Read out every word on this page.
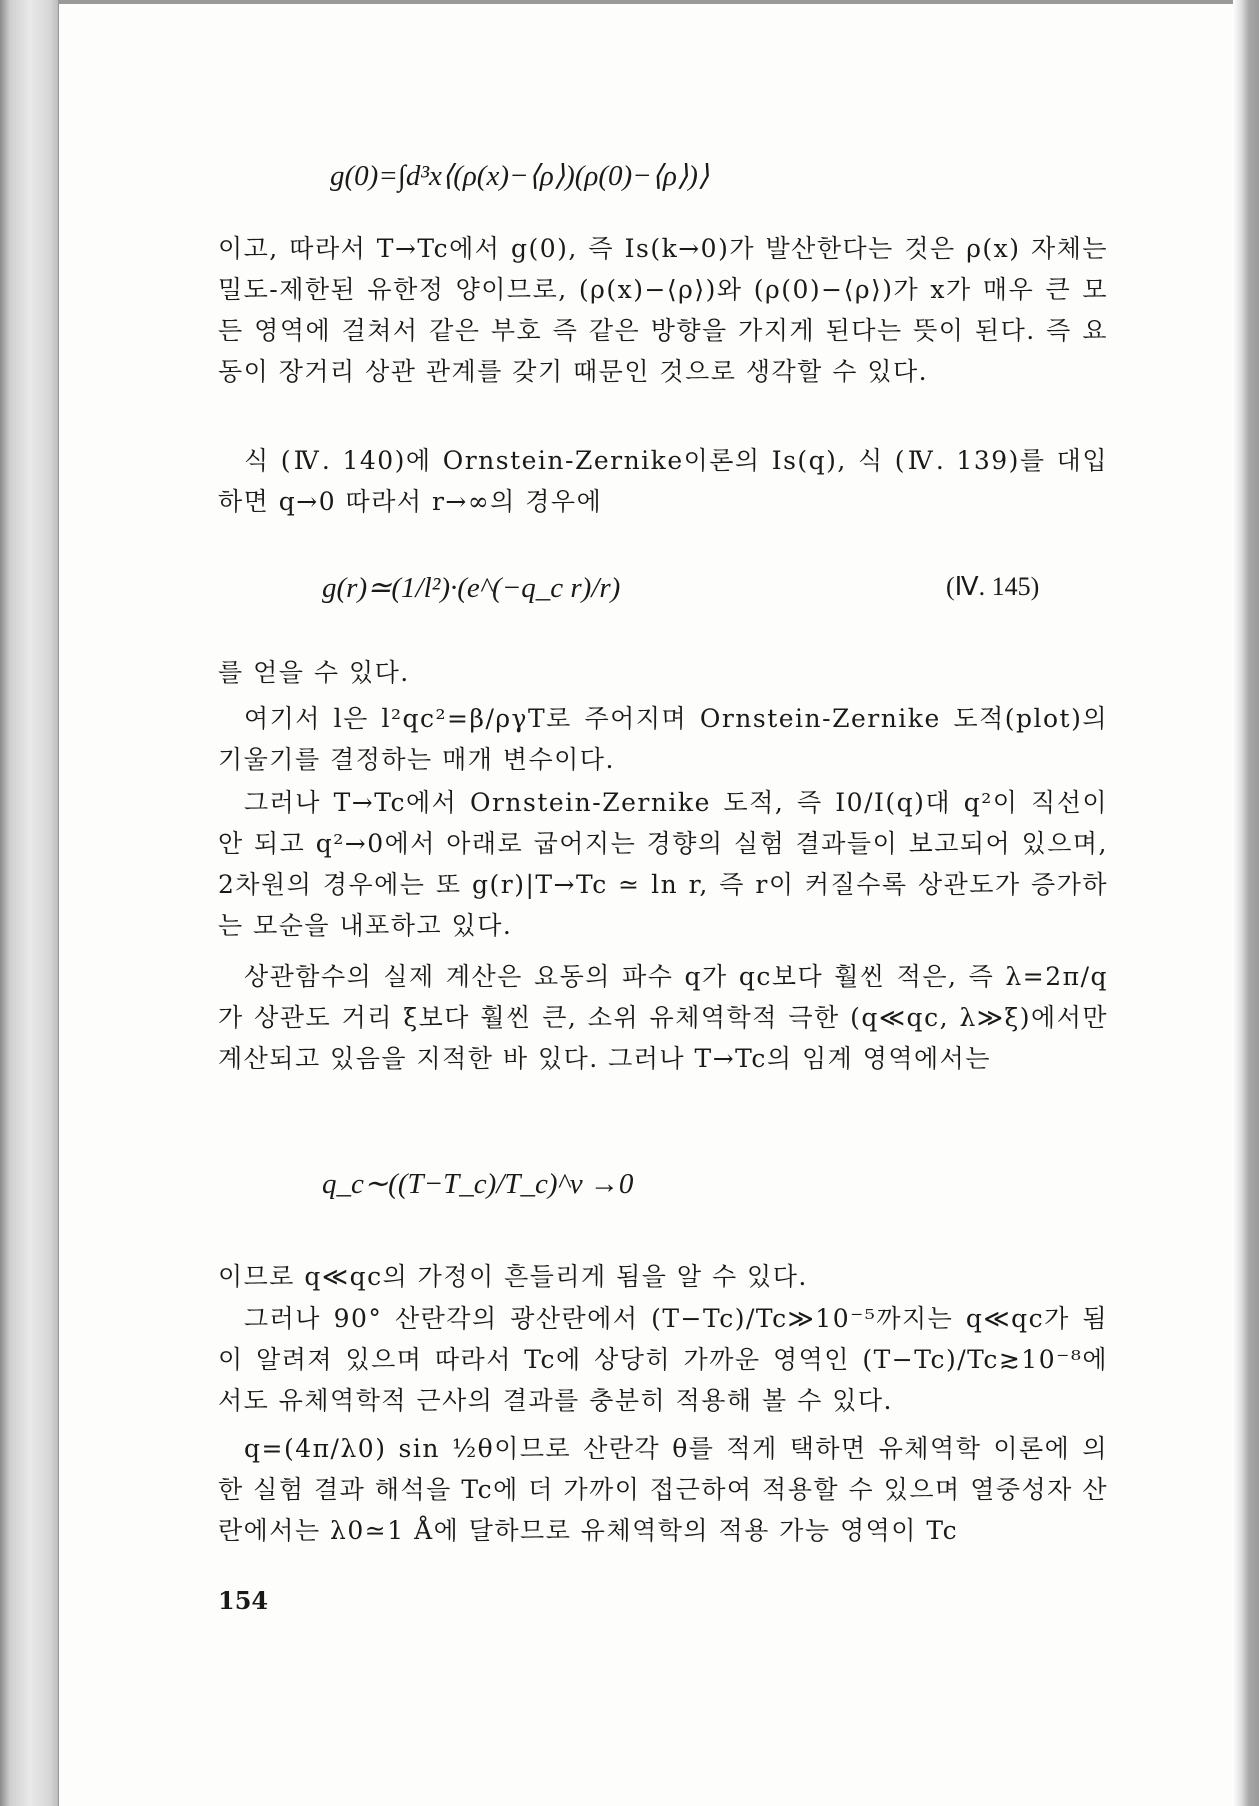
g(0)=∫d³x⟨(ρ(x)−⟨ρ⟩)(ρ(0)−⟨ρ⟩)⟩
이고, 따라서 T→Tc에서 g(0), 즉 Is(k→0)가 발산한다는 것은 ρ(x) 자체는 밀도-제한된 유한정 양이므로, (ρ(x)−⟨ρ⟩)와 (ρ(0)−⟨ρ⟩)가 x가 매우 큰 모든 영역에 걸쳐서 같은 부호 즉 같은 방향을 가지게 된다는 뜻이 된다. 즉 요동이 장거리 상관 관계를 갖기 때문인 것으로 생각할 수 있다.
식 (Ⅳ. 140)에 Ornstein-Zernike이론의 Is(q), 식 (Ⅳ. 139)를 대입하면 q→0 따라서 r→∞의 경우에
g(r)≃(1/l²)·(e^(−q_c r)/r)	(Ⅳ. 145)
를 얻을 수 있다.
여기서 l은 l²qc²=β/ργT로 주어지며 Ornstein-Zernike 도적(plot)의 기울기를 결정하는 매개 변수이다.
그러나 T→Tc에서 Ornstein-Zernike 도적, 즉 I0/I(q)대 q²이 직선이 안 되고 q²→0에서 아래로 굽어지는 경향의 실험 결과들이 보고되어 있으며, 2차원의 경우에는 또 g(r)|T→Tc ≃ ln r, 즉 r이 커질수록 상관도가 증가하는 모순을 내포하고 있다.
상관함수의 실제 계산은 요동의 파수 q가 qc보다 훨씬 적은, 즉 λ=2π/q가 상관도 거리 ξ보다 훨씬 큰, 소위 유체역학적 극한 (q≪qc, λ≫ξ)에서만 계산되고 있음을 지적한 바 있다. 그러나 T→Tc의 임계 영역에서는
q_c∼((T−T_c)/T_c)^ν →0
이므로 q≪qc의 가정이 흔들리게 됨을 알 수 있다.
그러나 90° 산란각의 광산란에서 (T−Tc)/Tc≫10⁻⁵까지는 q≪qc가 됨이 알려져 있으며 따라서 Tc에 상당히 가까운 영역인 (T−Tc)/Tc≳10⁻⁸에서도 유체역학적 근사의 결과를 충분히 적용해 볼 수 있다.
q=(4π/λ0) sin ½θ이므로 산란각 θ를 적게 택하면 유체역학 이론에 의한 실험 결과 해석을 Tc에 더 가까이 접근하여 적용할 수 있으며 열중성자 산란에서는 λ0≃1 Å에 달하므로 유체역학의 적용 가능 영역이 Tc
154
